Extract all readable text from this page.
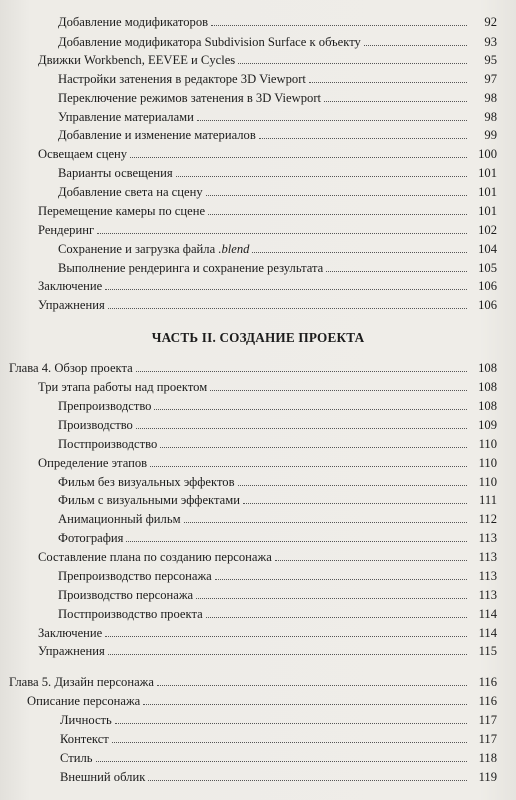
Добавление модификаторов	92
Добавление модификатора Subdivision Surface к объекту	93
Движки Workbench, EEVEE и Cycles	95
Настройки затенения в редакторе 3D Viewport	97
Переключение режимов затенения в 3D Viewport	98
Управление материалами	98
Добавление и изменение материалов	99
Освещаем сцену	100
Варианты освещения	101
Добавление света на сцену	101
Перемещение камеры по сцене	101
Рендеринг	102
Сохранение и загрузка файла .blend	104
Выполнение рендеринга и сохранение результата	105
Заключение	106
Упражнения	106
ЧАСТЬ II. СОЗДАНИЕ ПРОЕКТА
Глава 4. Обзор проекта	108
Три этапа работы над проектом	108
Препроизводство	108
Производство	109
Постпроизводство	110
Определение этапов	110
Фильм без визуальных эффектов	110
Фильм с визуальными эффектами	111
Анимационный фильм	112
Фотография	113
Составление плана по созданию персонажа	113
Препроизводство персонажа	113
Производство персонажа	113
Постпроизводство проекта	114
Заключение	114
Упражнения	115
Глава 5. Дизайн персонажа	116
Описание персонажа	116
Личность	117
Контекст	117
Стиль	118
Внешний облик	119
